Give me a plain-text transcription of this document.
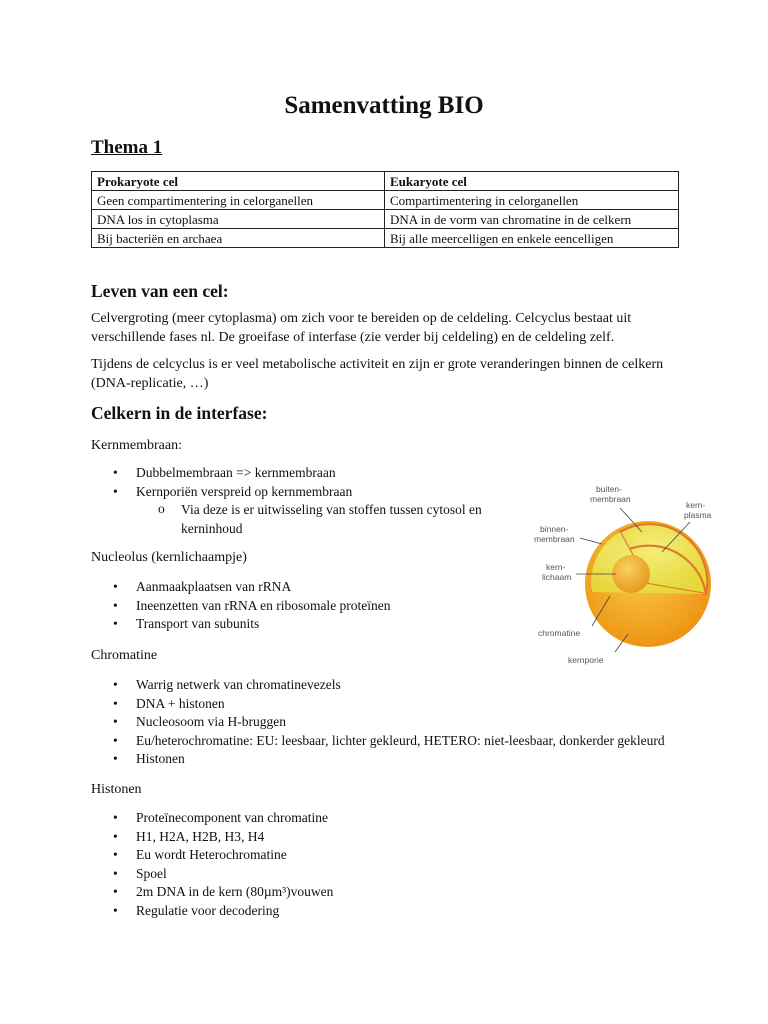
Samenvatting BIO
Thema 1
Prokaryote cel	Eukaryote cel
Geen compartimentering in celorganellen	Compartimentering in celorganellen
DNA los in cytoplasma	DNA in de vorm van chromatine in de celkern
Bij bacteriën en archaea	Bij alle meercelligen en enkele eencelligen
Leven van een cel:

Celvergroting (meer cytoplasma) om zich voor te bereiden op de celdeling. Celcyclus bestaat uit verschillende fases nl. De groeifase of interfase (zie verder bij celdeling) en de celdeling zelf.

Tijdens de celcyclus is er veel metabolische activiteit en zijn er grote veranderingen binnen de celkern (DNA-replicatie, …)

Celkern in de interfase:
Kernmembraan:
• Dubbelmembraan => kernmembraan
• Kernporiën verspreid op kernmembraan
o Via deze is er uitwisseling van stoffen tussen cytosol en kerninhoud
Nucleolus (kernlichaampje)
• Aanmaakplaatsen van rRNA
• Ineenzetten van rRNA en ribosomale proteïnen
• Transport van subunits
Chromatine
• Warrig netwerk van chromatinevezels
• DNA + histonen
• Nucleosoom via H-bruggen
• Eu/heterochromatine: EU: leesbaar, lichter gekleurd, HETERO: niet-leesbaar, donkerder gekleurd
• Histonen
Histonen
• Proteïnecomponent van chromatine
• H1, H2A, H2B, H3, H4
• Eu wordt Heterochromatine
• Spoel
• 2m DNA in de kern (80µm³)vouwen
• Regulatie voor decodering
buiten-
membraan
kern-
plasma
binnen-
membraan
kern-
lichaam
chromatine
kernporie
